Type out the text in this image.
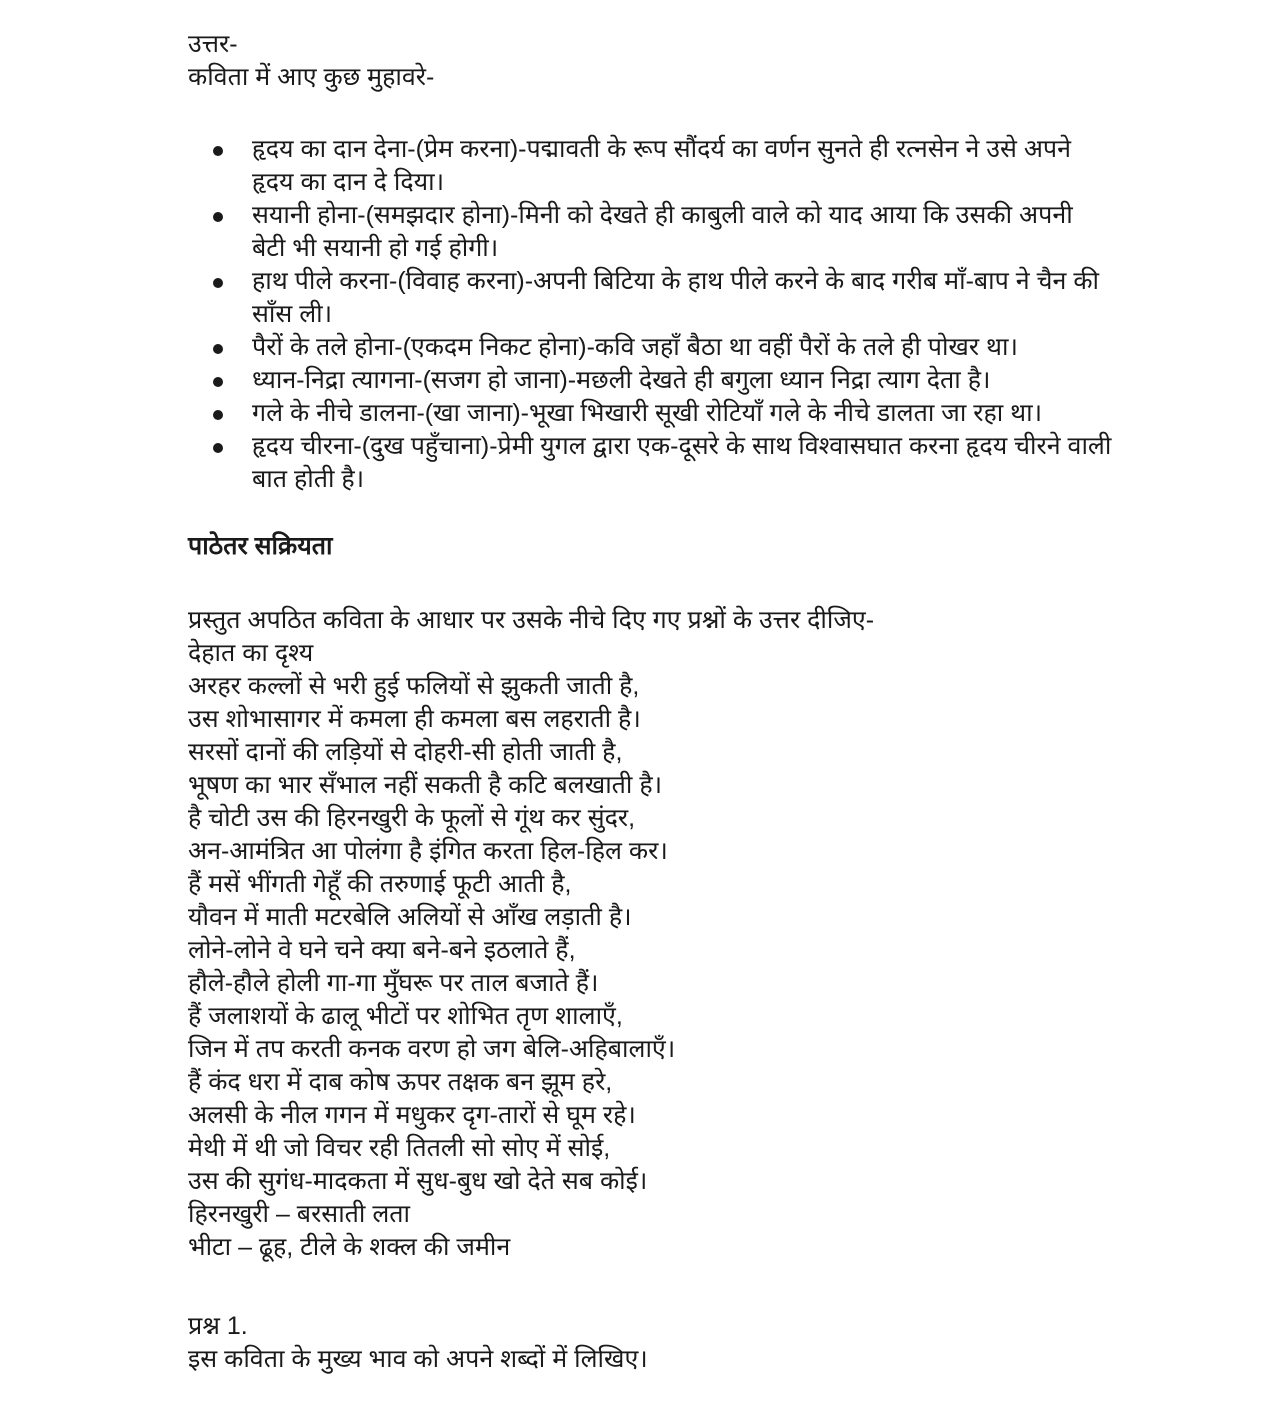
उत्तर-
कविता में आए कुछ मुहावरे-
हृदय का दान देना-(प्रेम करना)-पद्मावती के रूप सौंदर्य का वर्णन सुनते ही रत्नसेन ने उसे अपने
हृदय का दान दे दिया।
सयानी होना-(समझदार होना)-मिनी को देखते ही काबुली वाले को याद आया कि उसकी अपनी
बेटी भी सयानी हो गई होगी।
हाथ पीले करना-(विवाह करना)-अपनी बिटिया के हाथ पीले करने के बाद गरीब माँ-बाप ने चैन की
साँस ली।
पैरों के तले होना-(एकदम निकट होना)-कवि जहाँ बैठा था वहीं पैरों के तले ही पोखर था।
ध्यान-निद्रा त्यागना-(सजग हो जाना)-मछली देखते ही बगुला ध्यान निद्रा त्याग देता है।
गले के नीचे डालना-(खा जाना)-भूखा भिखारी सूखी रोटियाँ गले के नीचे डालता जा रहा था।
हृदय चीरना-(दुख पहुँचाना)-प्रेमी युगल द्वारा एक-दूसरे के साथ विश्वासघात करना हृदय चीरने वाली
बात होती है।
पाठेतर सक्रियता
प्रस्तुत अपठित कविता के आधार पर उसके नीचे दिए गए प्रश्नों के उत्तर दीजिए-
देहात का दृश्य
अरहर कल्लों से भरी हुई फलियों से झुकती जाती है,
उस शोभासागर में कमला ही कमला बस लहराती है।
सरसों दानों की लड़ियों से दोहरी-सी होती जाती है,
भूषण का भार सँभाल नहीं सकती है कटि बलखाती है।
है चोटी उस की हिरनखुरी के फूलों से गूंथ कर सुंदर,
अन-आमंत्रित आ पोलंगा है इंगित करता हिल-हिल कर।
हैं मसें भींगती गेहूँ की तरुणाई फूटी आती है,
यौवन में माती मटरबेलि अलियों से आँख लड़ाती है।
लोने-लोने वे घने चने क्या बने-बने इठलाते हैं,
हौले-हौले होली गा-गा मुँघरू पर ताल बजाते हैं।
हैं जलाशयों के ढालू भीटों पर शोभित तृण शालाएँ,
जिन में तप करती कनक वरण हो जग बेलि-अहिबालाएँ।
हैं कंद धरा में दाब कोष ऊपर तक्षक बन झूम हरे,
अलसी के नील गगन में मधुकर दृग-तारों से घूम रहे।
मेथी में थी जो विचर रही तितली सो सोए में सोई,
उस की सुगंध-मादकता में सुध-बुध खो देते सब कोई।
हिरनखुरी – बरसाती लता
भीटा – ढूह, टीले के शक्ल की जमीन
प्रश्न 1.
इस कविता के मुख्य भाव को अपने शब्दों में लिखिए।
